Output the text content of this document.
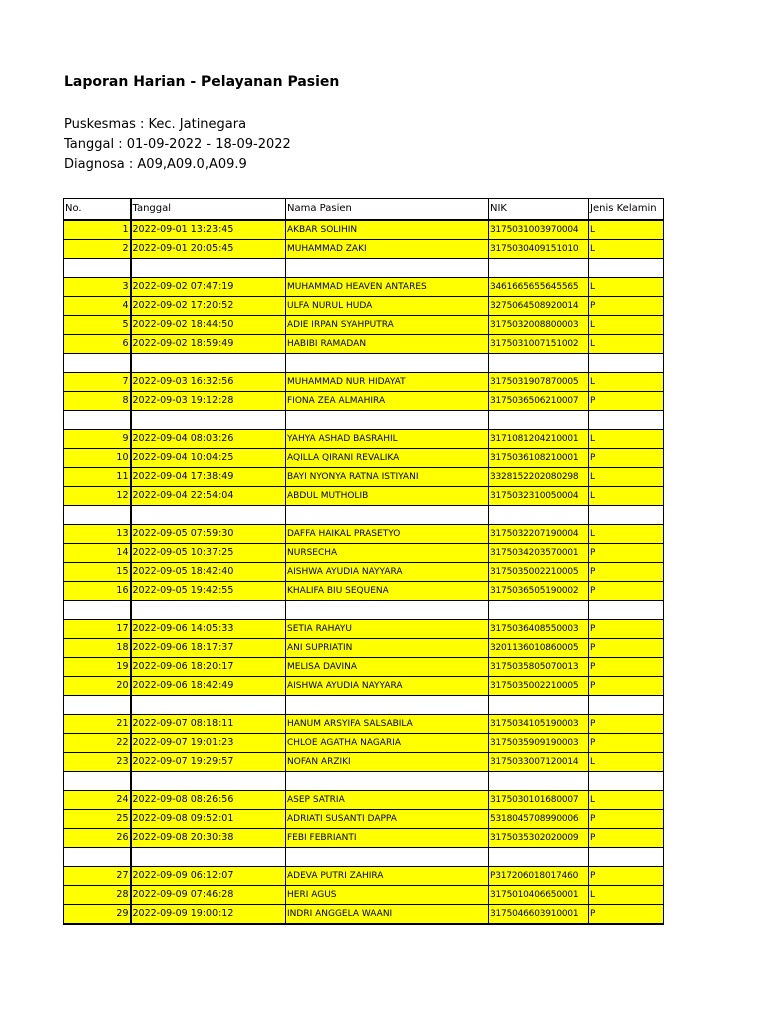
Laporan Harian - Pelayanan Pasien
Puskesmas : Kec. Jatinegara
Tanggal : 01-09-2022 - 18-09-2022
Diagnosa : A09,A09.0,A09.9
No.	Tanggal	Nama Pasien	NIK	Jenis Kelamin
1	2022-09-01 13:23:45	AKBAR SOLIHIN	3175031003970004	L
2	2022-09-01 20:05:45	MUHAMMAD ZAKI	3175030409151010	L

3	2022-09-02 07:47:19	MUHAMMAD HEAVEN ANTARES	3461665655645565	L
4	2022-09-02 17:20:52	ULFA NURUL HUDA	3275064508920014	P
5	2022-09-02 18:44:50	ADIE IRPAN SYAHPUTRA	3175032008800003	L
6	2022-09-02 18:59:49	HABIBI RAMADAN	3175031007151002	L

7	2022-09-03 16:32:56	MUHAMMAD NUR HIDAYAT	3175031907870005	L
8	2022-09-03 19:12:28	FIONA ZEA ALMAHIRA	3175036506210007	P

9	2022-09-04 08:03:26	YAHYA ASHAD BASRAHIL	3171081204210001	L
10	2022-09-04 10:04:25	AQILLA QIRANI REVALIKA	3175036108210001	P
11	2022-09-04 17:38:49	BAYI NYONYA RATNA ISTIYANI	3328152202080298	L
12	2022-09-04 22:54:04	ABDUL MUTHOLIB	3175032310050004	L

13	2022-09-05 07:59:30	DAFFA HAIKAL PRASETYO	3175032207190004	L
14	2022-09-05 10:37:25	NURSECHA	3175034203570001	P
15	2022-09-05 18:42:40	AISHWA AYUDIA NAYYARA	3175035002210005	P
16	2022-09-05 19:42:55	KHALIFA BIU SEQUENA	3175036505190002	P

17	2022-09-06 14:05:33	SETIA RAHAYU	3175036408550003	P
18	2022-09-06 18:17:37	ANI SUPRIATIN	3201136010860005	P
19	2022-09-06 18:20:17	MELISA DAVINA	3175035805070013	P
20	2022-09-06 18:42:49	AISHWA AYUDIA NAYYARA	3175035002210005	P

21	2022-09-07 08:18:11	HANUM ARSYIFA SALSABILA	3175034105190003	P
22	2022-09-07 19:01:23	CHLOE AGATHA NAGARIA	3175035909190003	P
23	2022-09-07 19:29:57	NOFAN ARZIKI	3175033007120014	L

24	2022-09-08 08:26:56	ASEP SATRIA	3175030101680007	L
25	2022-09-08 09:52:01	ADRIATI SUSANTI DAPPA	5318045708990006	P
26	2022-09-08 20:30:38	FEBI FEBRIANTI	3175035302020009	P

27	2022-09-09 06:12:07	ADEVA PUTRI ZAHIRA	P317206018017460	P
28	2022-09-09 07:46:28	HERI AGUS	3175010406650001	L
29	2022-09-09 19:00:12	INDRI ANGGELA WAANI	3175046603910001	P
